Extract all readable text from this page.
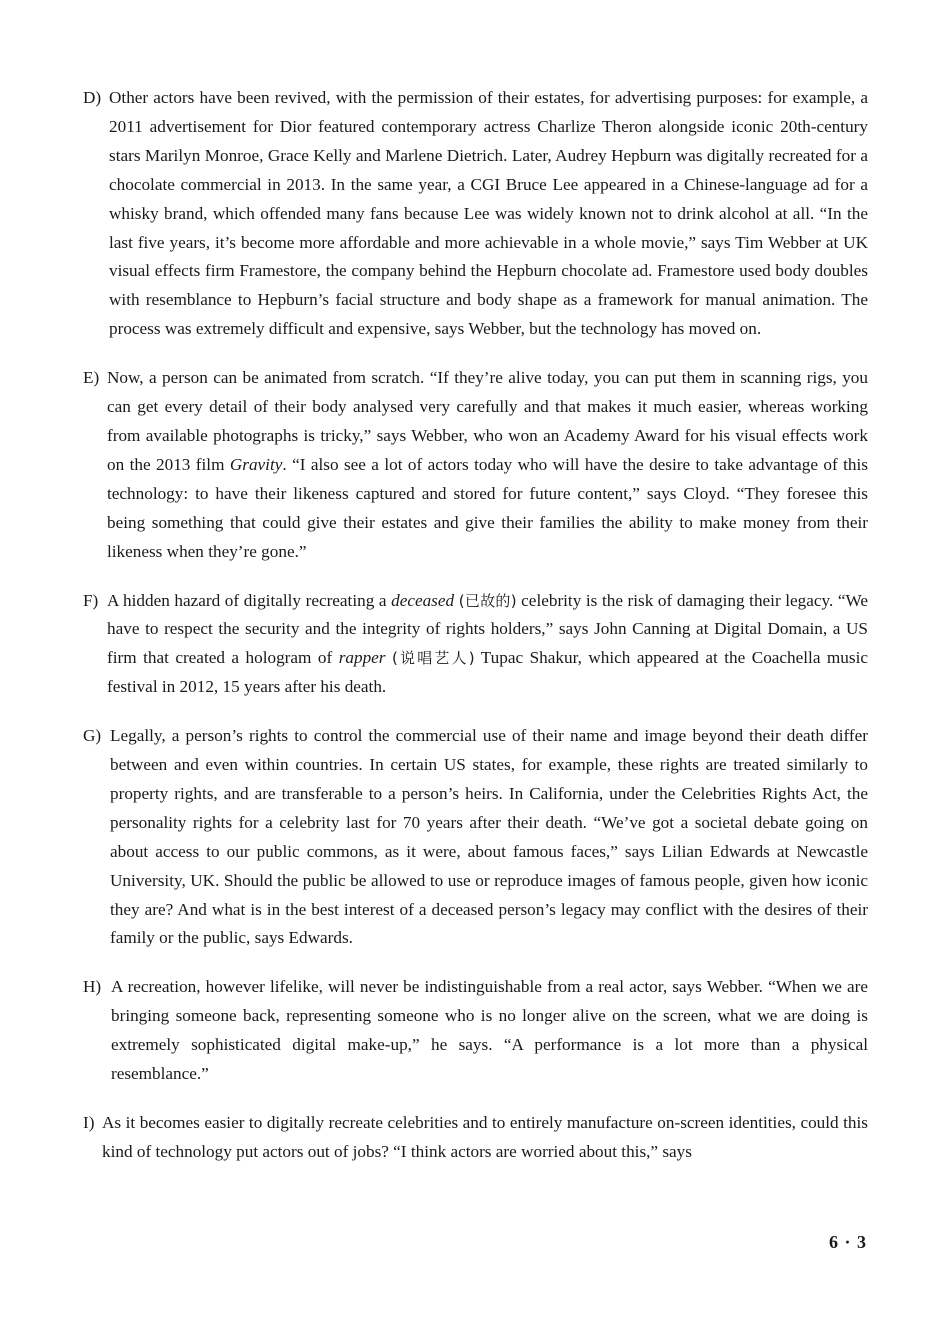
D) Other actors have been revived, with the permission of their estates, for advertising purposes: for example, a 2011 advertisement for Dior featured contemporary actress Charlize Theron alongside iconic 20th-century stars Marilyn Monroe, Grace Kelly and Marlene Dietrich. Later, Audrey Hepburn was digitally recreated for a chocolate commercial in 2013. In the same year, a CGI Bruce Lee appeared in a Chinese-language ad for a whisky brand, which offended many fans because Lee was widely known not to drink alcohol at all. “In the last five years, it’s become more affordable and more achievable in a whole movie,” says Tim Webber at UK visual effects firm Framestore, the company behind the Hepburn chocolate ad. Framestore used body doubles with resemblance to Hepburn’s facial structure and body shape as a framework for manual animation. The process was extremely difficult and expensive, says Webber, but the technology has moved on.

E) Now, a person can be animated from scratch. “If they’re alive today, you can put them in scanning rigs, you can get every detail of their body analysed very carefully and that makes it much easier, whereas working from available photographs is tricky,” says Webber, who won an Academy Award for his visual effects work on the 2013 film Gravity. “I also see a lot of actors today who will have the desire to take advantage of this technology: to have their likeness captured and stored for future content,” says Cloyd. “They foresee this being something that could give their estates and give their families the ability to make money from their likeness when they’re gone.”

F) A hidden hazard of digitally recreating a deceased (已故的) celebrity is the risk of damaging their legacy. “We have to respect the security and the integrity of rights holders,” says John Canning at Digital Domain, a US firm that created a hologram of rapper (说唱艺人) Tupac Shakur, which appeared at the Coachella music festival in 2012, 15 years after his death.

G) Legally, a person’s rights to control the commercial use of their name and image beyond their death differ between and even within countries. In certain US states, for example, these rights are treated similarly to property rights, and are transferable to a person’s heirs. In California, under the Celebrities Rights Act, the personality rights for a celebrity last for 70 years after their death. “We’ve got a societal debate going on about access to our public commons, as it were, about famous faces,” says Lilian Edwards at Newcastle University, UK. Should the public be allowed to use or reproduce images of famous people, given how iconic they are? And what is in the best interest of a deceased person’s legacy may conflict with the desires of their family or the public, says Edwards.

H) A recreation, however lifelike, will never be indistinguishable from a real actor, says Webber. “When we are bringing someone back, representing someone who is no longer alive on the screen, what we are doing is extremely sophisticated digital make-up,” he says. “A performance is a lot more than a physical resemblance.”

I) As it becomes easier to digitally recreate celebrities and to entirely manufacture on-screen identities, could this kind of technology put actors out of jobs? “I think actors are worried about this,” says

6 · 3
